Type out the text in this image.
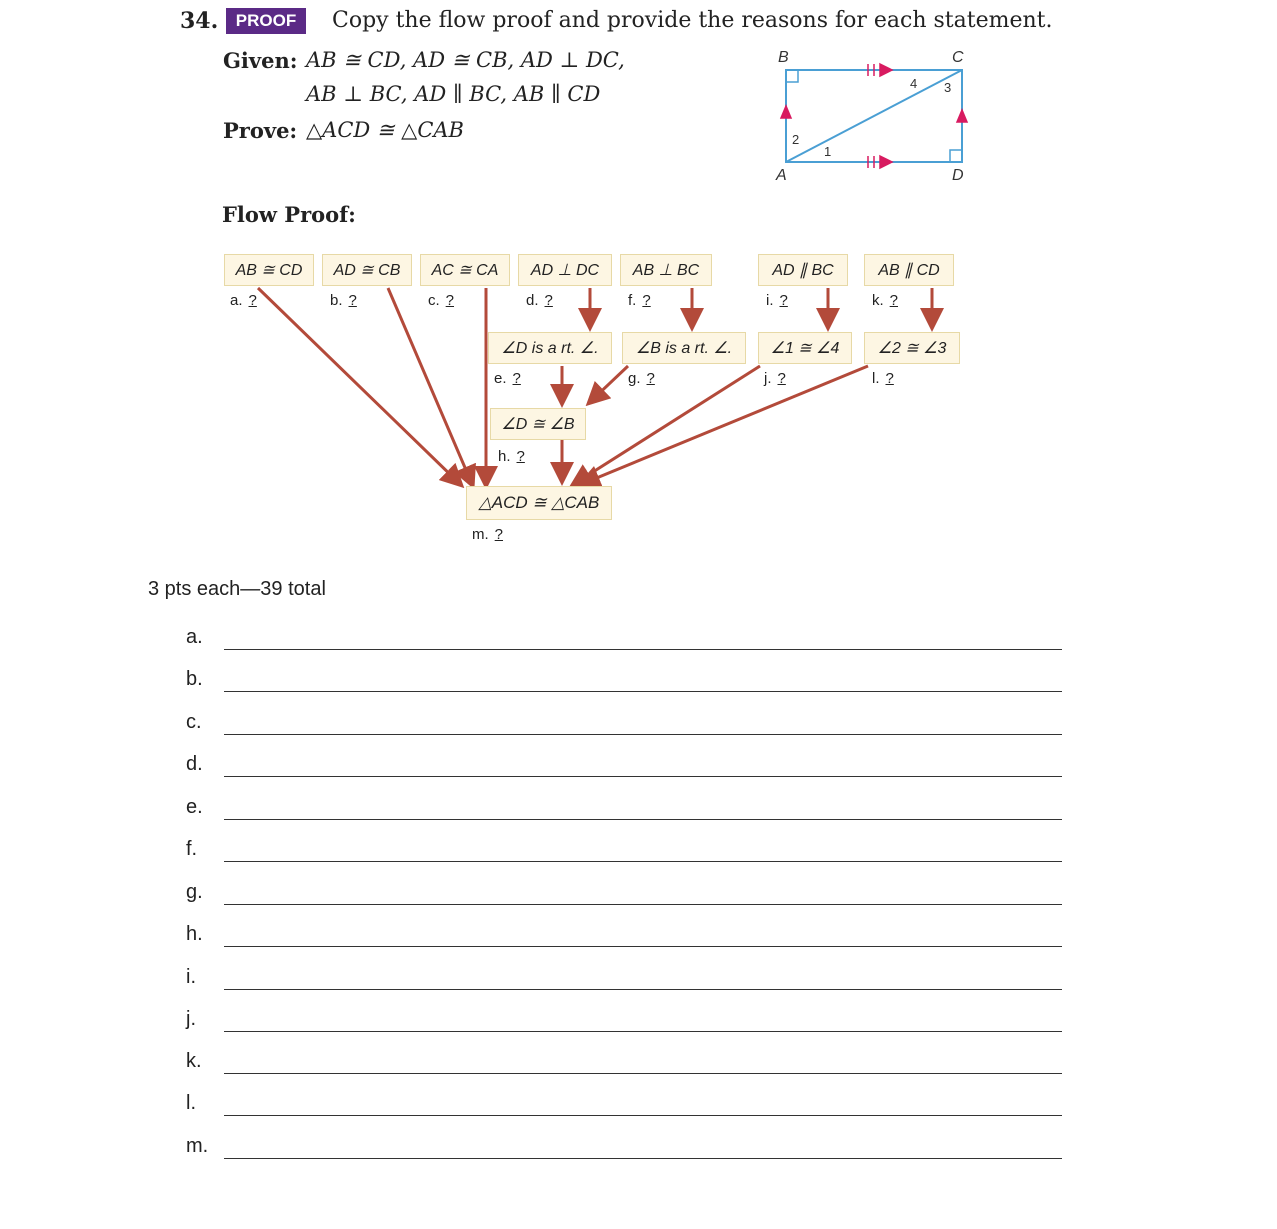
34.	PROOF	Copy the flow proof and provide the reasons for each statement.
Given: AB ≅ CD, AD ≅ CB, AD ⊥ DC,
AB ⊥ BC, AD ∥ BC, AB ∥ CD
Prove: △ACD ≅ △CAB
B	C
A	D
1
2
3
4
Flow Proof:
AB ≅ CD	AD ≅ CB	AC ≅ CA	AD ⊥ DC	AB ⊥ BC	AD ∥ BC	AB ∥ CD
∠D is a rt. ∠.	∠B is a rt. ∠.	∠1 ≅ ∠4	∠2 ≅ ∠3
∠D ≅ ∠B
△ACD ≅ △CAB
a. ?	b. ?	c. ?	d. ?	f. ?	i. ?	k. ?
e. ?	g. ?	j. ?	l. ?
h. ?
m. ?
3 pts each—39 total
a.
b.
c.
d.
e.
f.
g.
h.
i.
j.
k.
l.
m.
